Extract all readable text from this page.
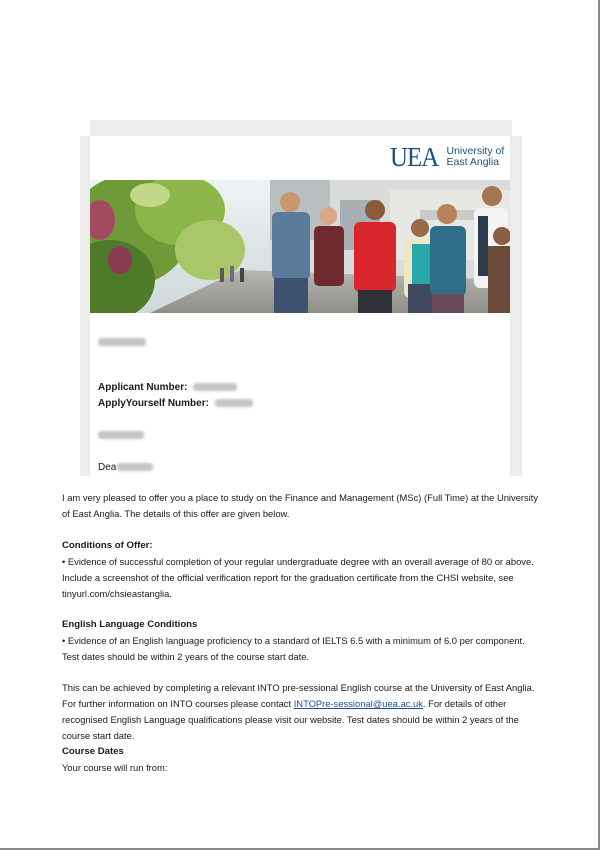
UEA University of
East Anglia
Applicant Number:
ApplyYourself Number:
Dea
I am very pleased to offer you a place to study on the Finance and Management (MSc) (Full Time) at the University of East Anglia. The details of this offer are given below.
Conditions of Offer:
• Evidence of successful completion of your regular undergraduate degree with an overall average of 80 or above. Include a screenshot of the official verification report for the graduation certificate from the CHSI website, see tinyurl.com/chsieastanglia.
English Language Conditions
• Evidence of an English language proficiency to a standard of IELTS 6.5 with a minimum of 6.0 per component. Test dates should be within 2 years of the course start date.
This can be achieved by completing a relevant INTO pre-sessional English course at the University of East Anglia. For further information on INTO courses please contact INTOPre-sessional@uea.ac.uk. For details of other recognised English Language qualifications please visit our website. Test dates should be within 2 years of the course start date.
Course Dates
Your course will run from:
